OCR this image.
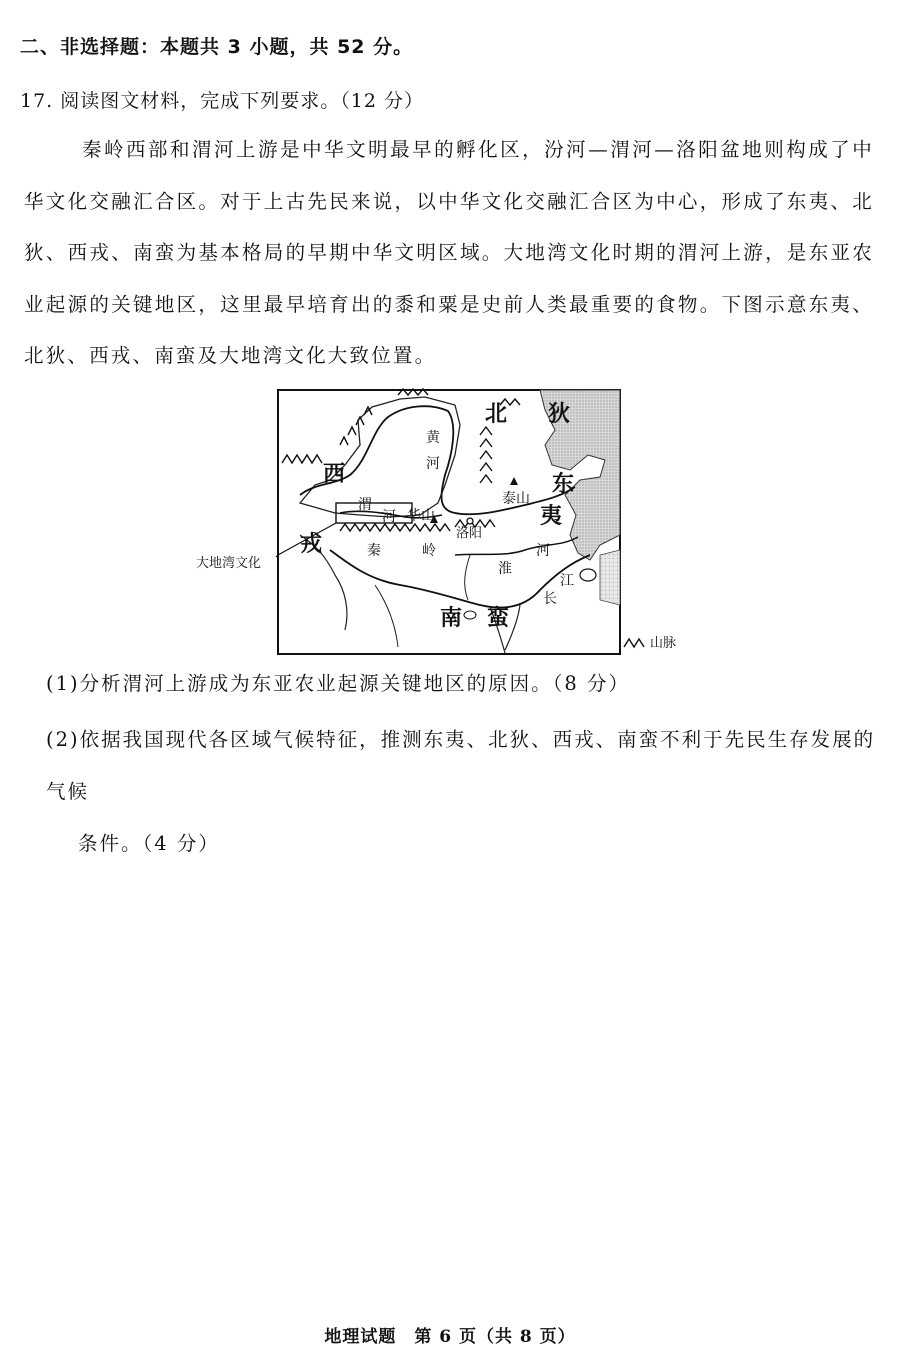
二、非选择题：本题共 3 小题，共 52 分。
17. 阅读图文材料，完成下列要求。（12 分）

秦岭西部和渭河上游是中华文明最早的孵化区，汾河—渭河—洛阳盆地则构成了中华文化交融汇合区。对于上古先民来说，以中华文化交融汇合区为中心，形成了东夷、北狄、西戎、南蛮为基本格局的早期中华文明区域。大地湾文化时期的渭河上游，是东亚农业起源的关键地区，这里最早培育出的黍和粟是史前人类最重要的食物。下图示意东夷、北狄、西戎、南蛮及大地湾文化大致位置。

北 狄
西
戎
东
夷
南 蛮
黄
河
渭
河
淮
河
长
江
秦	岭
华山
泰山
洛阳
大地湾文化
山脉
(1)分析渭河上游成为东亚农业起源关键地区的原因。（8 分）
(2)依据我国现代各区域气候特征，推测东夷、北狄、西戎、南蛮不利于先民生存发展的气候
条件。（4 分）
地理试题　第 6 页（共 8 页）
